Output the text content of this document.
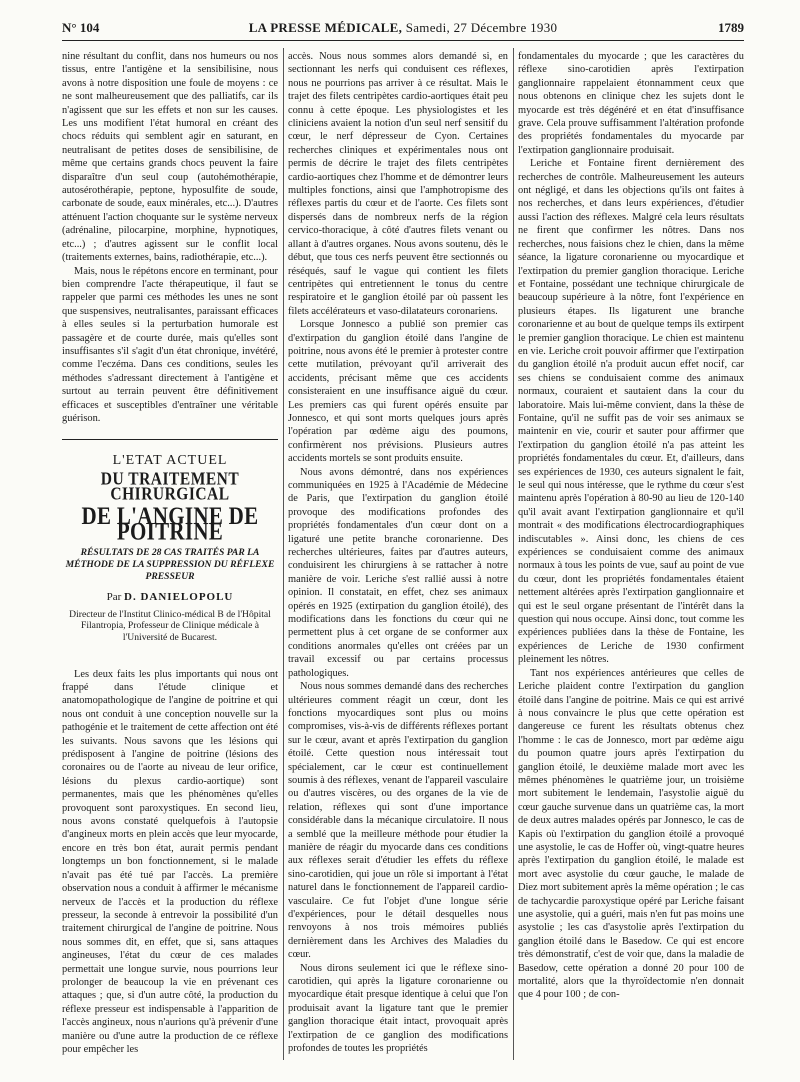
N° 104	LA PRESSE MÉDICALE, Samedi, 27 Décembre 1930	1789

nine résultant du conflit, dans nos humeurs ou nos tissus, entre l'antigène et la sensibilisine, nous avons à notre disposition une foule de moyens : ce ne sont malheureusement que des palliatifs, car ils n'agissent que sur les effets et non sur les causes. Les uns modifient l'état humoral en créant des chocs réduits qui semblent agir en saturant, en neutralisant de petites doses de sensibilisine, de même que certains grands chocs peuvent la faire disparaître d'un seul coup (autohémothérapie, autosérothérapie, peptone, hyposulfite de soude, carbonate de soude, eaux minérales, etc...). D'autres atténuent l'action choquante sur le système nerveux (adrénaline, pilocarpine, morphine, hypnotiques, etc...) ; d'autres agissent sur le conflit local (traitements externes, bains, radiothérapie, etc...).

Mais, nous le répétons encore en terminant, pour bien comprendre l'acte thérapeutique, il faut se rappeler que parmi ces méthodes les unes ne sont que suspensives, neutralisantes, paraissant efficaces à elles seules si la perturbation humorale est passagère et de courte durée, mais qu'elles sont insuffisantes s'il s'agit d'un état chronique, invétéré, comme l'eczéma. Dans ces conditions, seules les méthodes s'adressant directement à l'antigène et surtout au terrain peuvent être définitivement efficaces et susceptibles d'entraîner une véritable guérison.

L'ETAT ACTUEL
DU TRAITEMENT CHIRURGICAL
DE L'ANGINE DE POITRINE
RÉSULTATS DE 28 CAS TRAITÉS PAR LA MÉTHODE DE LA SUPPRESSION DU RÉFLEXE PRESSEUR
Par D. DANIELOPOLU
Directeur de l'Institut Clinico-médical B de l'Hôpital Filantropia, Professeur de Clinique médicale à l'Université de Bucarest.

Les deux faits les plus importants qui nous ont frappé dans l'étude clinique et anatomopathologique de l'angine de poitrine et qui nous ont conduit à une conception nouvelle sur la pathogénie et le traitement de cette affection ont été les suivants. Nous savons que les lésions qui prédisposent à l'angine de poitrine (lésions des coronaires ou de l'aorte au niveau de leur orifice, lésions du plexus cardio-aortique) sont permanentes, mais que les phénomènes qu'elles provoquent sont paroxystiques. En second lieu, nous avons constaté quelquefois à l'autopsie d'angineux morts en plein accès que leur myocarde, encore en très bon état, aurait permis pendant longtemps un bon fonctionnement, si le malade n'avait pas été tué par l'accès. La première observation nous a conduit à affirmer le mécanisme nerveux de l'accès et la production du réflexe presseur, la seconde à entrevoir la possibilité d'un traitement chirurgical de l'angine de poitrine. Nous nous sommes dit, en effet, que si, sans attaques angineuses, l'état du cœur de ces malades permettait une longue survie, nous pourrions leur prolonger de beaucoup la vie en prévenant ces attaques ; que, si d'un autre côté, la production du réflexe presseur est indispensable à l'apparition de l'accès angineux, nous n'aurions qu'à prévenir d'une manière ou d'une autre la production de ce réflexe pour empêcher les

accès. Nous nous sommes alors demandé si, en sectionnant les nerfs qui conduisent ces réflexes, nous ne pourrions pas arriver à ce résultat. Mais le trajet des filets centripètes cardio-aortiques était peu connu à cette époque. Les physiologistes et les cliniciens avaient la notion d'un seul nerf sensitif du cœur, le nerf dépresseur de Cyon. Certaines recherches cliniques et expérimentales nous ont permis de décrire le trajet des filets centripètes cardio-aortiques chez l'homme et de démontrer leurs multiples fonctions, ainsi que l'amphotropisme des réflexes partis du cœur et de l'aorte. Ces filets sont dispersés dans de nombreux nerfs de la région cervico-thoracique, à côté d'autres filets venant ou allant à d'autres organes. Nous avons soutenu, dès le début, que tous ces nerfs peuvent être sectionnés ou réséqués, sauf le vague qui contient les filets centripètes qui entretiennent le tonus du centre respiratoire et le ganglion étoilé par où passent les filets accélérateurs et vaso-dilatateurs coronariens.

Lorsque Jonnesco a publié son premier cas d'extirpation du ganglion étoilé dans l'angine de poitrine, nous avons été le premier à protester contre cette mutilation, prévoyant qu'il arriverait des accidents, précisant même que ces accidents consisteraient en une insuffisance aiguë du cœur. Les premiers cas qui furent opérés ensuite par Jonnesco, et qui sont morts quelques jours après l'opération par œdème aigu des poumons, confirmèrent nos prévisions. Plusieurs autres accidents mortels se sont produits ensuite.

Nous avons démontré, dans nos expériences communiquées en 1925 à l'Académie de Médecine de Paris, que l'extirpation du ganglion étoilé provoque des modifications profondes des propriétés fondamentales d'un cœur dont on a ligaturé une petite branche coronarienne. Des recherches ultérieures, faites par d'autres auteurs, conduisirent les chirurgiens à se rattacher à notre manière de voir. Leriche s'est rallié aussi à notre opinion. Il constatait, en effet, chez ses animaux opérés en 1925 (extirpation du ganglion étoilé), des modifications dans les fonctions du cœur qui ne permettent plus à cet organe de se conformer aux conditions anormales qu'elles ont créées par un travail excessif ou par certains processus pathologiques.

Nous nous sommes demandé dans des recherches ultérieures comment réagit un cœur, dont les fonctions myocardiques sont plus ou moins compromises, vis-à-vis de différents réflexes portant sur le cœur, avant et après l'extirpation du ganglion étoilé. Cette question nous intéressait tout spécialement, car le cœur est continuellement soumis à des réflexes, venant de l'appareil vasculaire ou d'autres viscères, ou des organes de la vie de relation, réflexes qui sont d'une importance considérable dans la mécanique circulatoire. Il nous a semblé que la meilleure méthode pour étudier la manière de réagir du myocarde dans ces conditions aux réflexes serait d'étudier les effets du réflexe sino-carotidien, qui joue un rôle si important à l'état naturel dans le fonctionnement de l'appareil cardio-vasculaire. Ce fut l'objet d'une longue série d'expériences, pour le détail desquelles nous renvoyons à nos trois mémoires publiés dernièrement dans les Archives des Maladies du cœur.

Nous dirons seulement ici que le réflexe sino-carotidien, qui après la ligature coronarienne ou myocardique était presque identique à celui que l'on produisait avant la ligature tant que le premier ganglion thoracique était intact, provoquait après l'extirpation de ce ganglion des modifications profondes de toutes les propriétés

fondamentales du myocarde ; que les caractères du réflexe sino-carotidien après l'extirpation ganglionnaire rappelaient étonnamment ceux que nous obtenons en clinique chez les sujets dont le myocarde est très dégénéré et en état d'insuffisance grave. Cela prouve suffisamment l'altération profonde des propriétés fondamentales du myocarde par l'extirpation ganglionnaire produisait.

Leriche et Fontaine firent dernièrement des recherches de contrôle. Malheureusement les auteurs ont négligé, et dans les objections qu'ils ont faites à nos recherches, et dans leurs expériences, d'étudier aussi l'action des réflexes. Malgré cela leurs résultats ne firent que confirmer les nôtres. Dans nos recherches, nous faisions chez le chien, dans la même séance, la ligature coronarienne ou myocardique et l'extirpation du premier ganglion thoracique. Leriche et Fontaine, possédant une technique chirurgicale de beaucoup supérieure à la nôtre, font l'expérience en plusieurs étapes. Ils ligaturent une branche coronarienne et au bout de quelque temps ils extirpent le premier ganglion thoracique. Le chien est maintenu en vie. Leriche croit pouvoir affirmer que l'extirpation du ganglion étoilé n'a produit aucun effet nocif, car ses chiens se conduisaient comme des animaux normaux, couraient et sautaient dans la cour du laboratoire. Mais lui-même convient, dans la thèse de Fontaine, qu'il ne suffit pas de voir ses animaux se maintenir en vie, courir et sauter pour affirmer que l'extirpation du ganglion étoilé n'a pas atteint les propriétés fondamentales du cœur. Et, d'ailleurs, dans ses expériences de 1930, ces auteurs signalent le fait, le seul qui nous intéresse, que le rythme du cœur s'est maintenu après l'opération à 80-90 au lieu de 120-140 qu'il avait avant l'extirpation ganglionnaire et qu'il montrait « des modifications électrocardiographiques indiscutables ». Ainsi donc, les chiens de ces expériences se conduisaient comme des animaux normaux à tous les points de vue, sauf au point de vue du cœur, dont les propriétés fondamentales étaient nettement altérées après l'extirpation ganglionnaire et qui est le seul organe présentant de l'intérêt dans la question qui nous occupe. Ainsi donc, tout comme les expériences publiées dans la thèse de Fontaine, les expériences de Leriche de 1930 confirment pleinement les nôtres.

Tant nos expériences antérieures que celles de Leriche plaident contre l'extirpation du ganglion étoilé dans l'angine de poitrine. Mais ce qui est arrivé à nous convaincre le plus que cette opération est dangereuse ce furent les résultats obtenus chez l'homme : le cas de Jonnesco, mort par œdème aigu du poumon quatre jours après l'extirpation du ganglion étoilé, le deuxième malade mort avec les mêmes phénomènes le quatrième jour, un troisième mort subitement le lendemain, l'asystolie aiguë du cœur gauche survenue dans un quatrième cas, la mort de deux autres malades opérés par Jonnesco, le cas de Kapis où l'extirpation du ganglion étoilé a provoqué une asystolie, le cas de Hoffer où, vingt-quatre heures après l'extirpation du ganglion étoilé, le malade est mort avec asystolie du cœur gauche, le malade de Diez mort subitement après la même opération ; le cas de tachycardie paroxystique opéré par Leriche faisant une asystolie, qui a guéri, mais n'en fut pas moins une asystolie ; les cas d'asystolie après l'extirpation du ganglion étoilé dans le Basedow. Ce qui est encore très démonstratif, c'est de voir que, dans la maladie de Basedow, cette opération a donné 20 pour 100 de mortalité, alors que la thyroïdectomie n'en donnait que 4 pour 100 ; de con-
